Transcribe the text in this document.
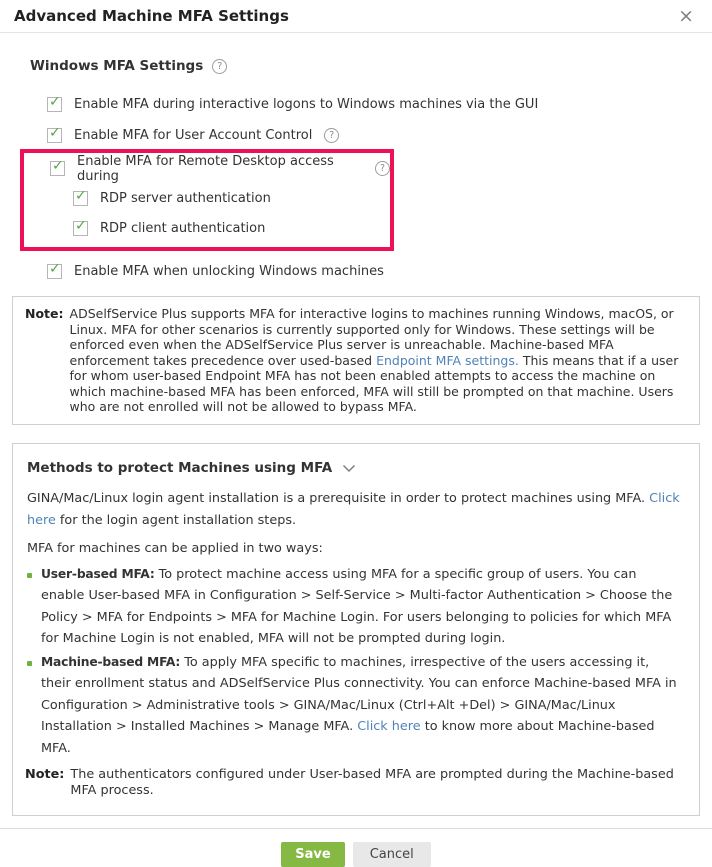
Advanced Machine MFA Settings	×
Windows MFA Settings	?
✓ Enable MFA during interactive logons to Windows machines via the GUI
✓ Enable MFA for User Account Control	?
✓ Enable MFA for Remote Desktop access during	?
✓ RDP server authentication
✓ RDP client authentication
✓ Enable MFA when unlocking Windows machines
Note: ADSelfService Plus supports MFA for interactive logins to machines running Windows, macOS, or Linux. MFA for other scenarios is currently supported only for Windows. These settings will be enforced even when the ADSelfService Plus server is unreachable. Machine-based MFA enforcement takes precedence over used-based Endpoint MFA settings. This means that if a user for whom user-based Endpoint MFA has not been enabled attempts to access the machine on which machine-based MFA has been enforced, MFA will still be prompted on that machine. Users who are not enrolled will not be allowed to bypass MFA.
Methods to protect Machines using MFA

GINA/Mac/Linux login agent installation is a prerequisite in order to protect machines using MFA. Click here for the login agent installation steps.

MFA for machines can be applied in two ways:

User-based MFA: To protect machine access using MFA for a specific group of users. You can enable User-based MFA in Configuration > Self-Service > Multi-factor Authentication > Choose the Policy > MFA for Endpoints > MFA for Machine Login. For users belonging to policies for which MFA for Machine Login is not enabled, MFA will not be prompted during login.
Machine-based MFA: To apply MFA specific to machines, irrespective of the users accessing it, their enrollment status and ADSelfService Plus connectivity. You can enforce Machine-based MFA in Configuration > Administrative tools > GINA/Mac/Linux (Ctrl+Alt +Del) > GINA/Mac/Linux Installation > Installed Machines > Manage MFA. Click here to know more about Machine-based MFA.
Note: The authenticators configured under User-based MFA are prompted during the Machine-based MFA process.
Save	Cancel
